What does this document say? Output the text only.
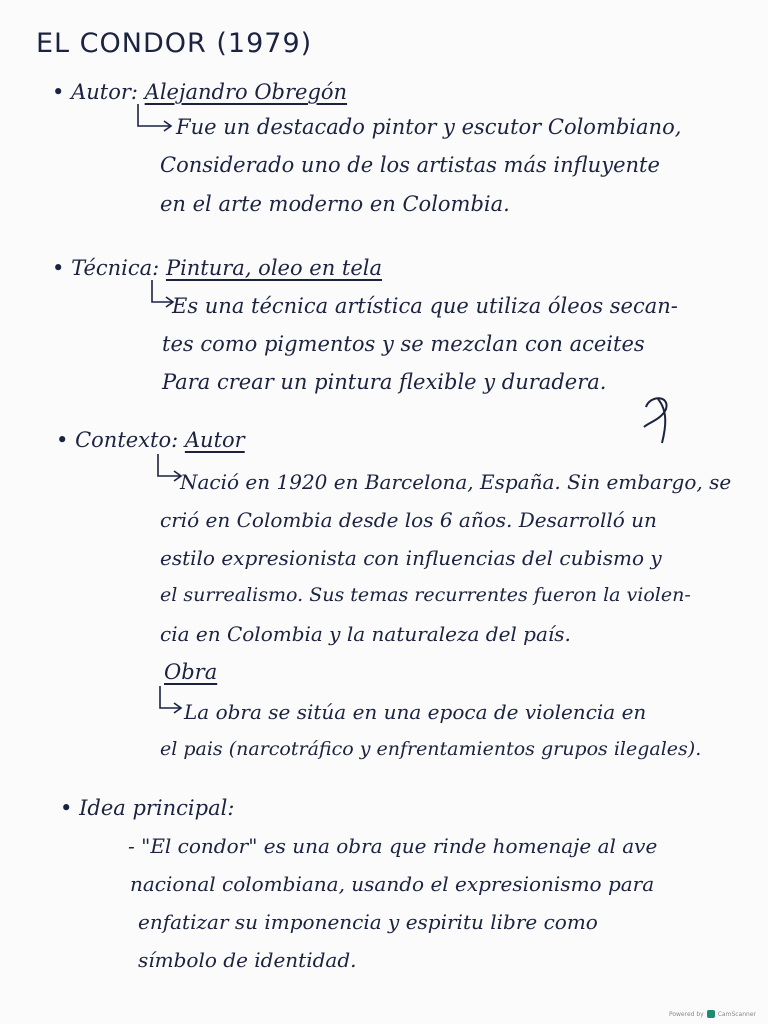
EL CONDOR (1979)
• Autor: Alejandro Obregón
Fue un destacado pintor y escutor Colombiano,
Considerado uno de los artistas más influyente
en el arte moderno en Colombia.
• Técnica: Pintura, oleo en tela
Es una técnica artística que utiliza óleos secan-
tes como pigmentos y se mezclan con aceites
Para crear un pintura flexible y duradera.
• Contexto: Autor
Nació en 1920 en Barcelona, España. Sin embargo, se
crió en Colombia desde los 6 años. Desarrolló un
estilo expresionista con influencias del cubismo y
el surrealismo. Sus temas recurrentes fueron la violen-
cia en Colombia y la naturaleza del país.
Obra
La obra se sitúa en una epoca de violencia en
el pais (narcotráfico y enfrentamientos grupos ilegales).
• Idea principal:
- "El condor" es una obra que rinde homenaje al ave
nacional colombiana, usando el expresionismo para
enfatizar su imponencia y espiritu libre como
símbolo de identidad.
Powered by CamScanner
